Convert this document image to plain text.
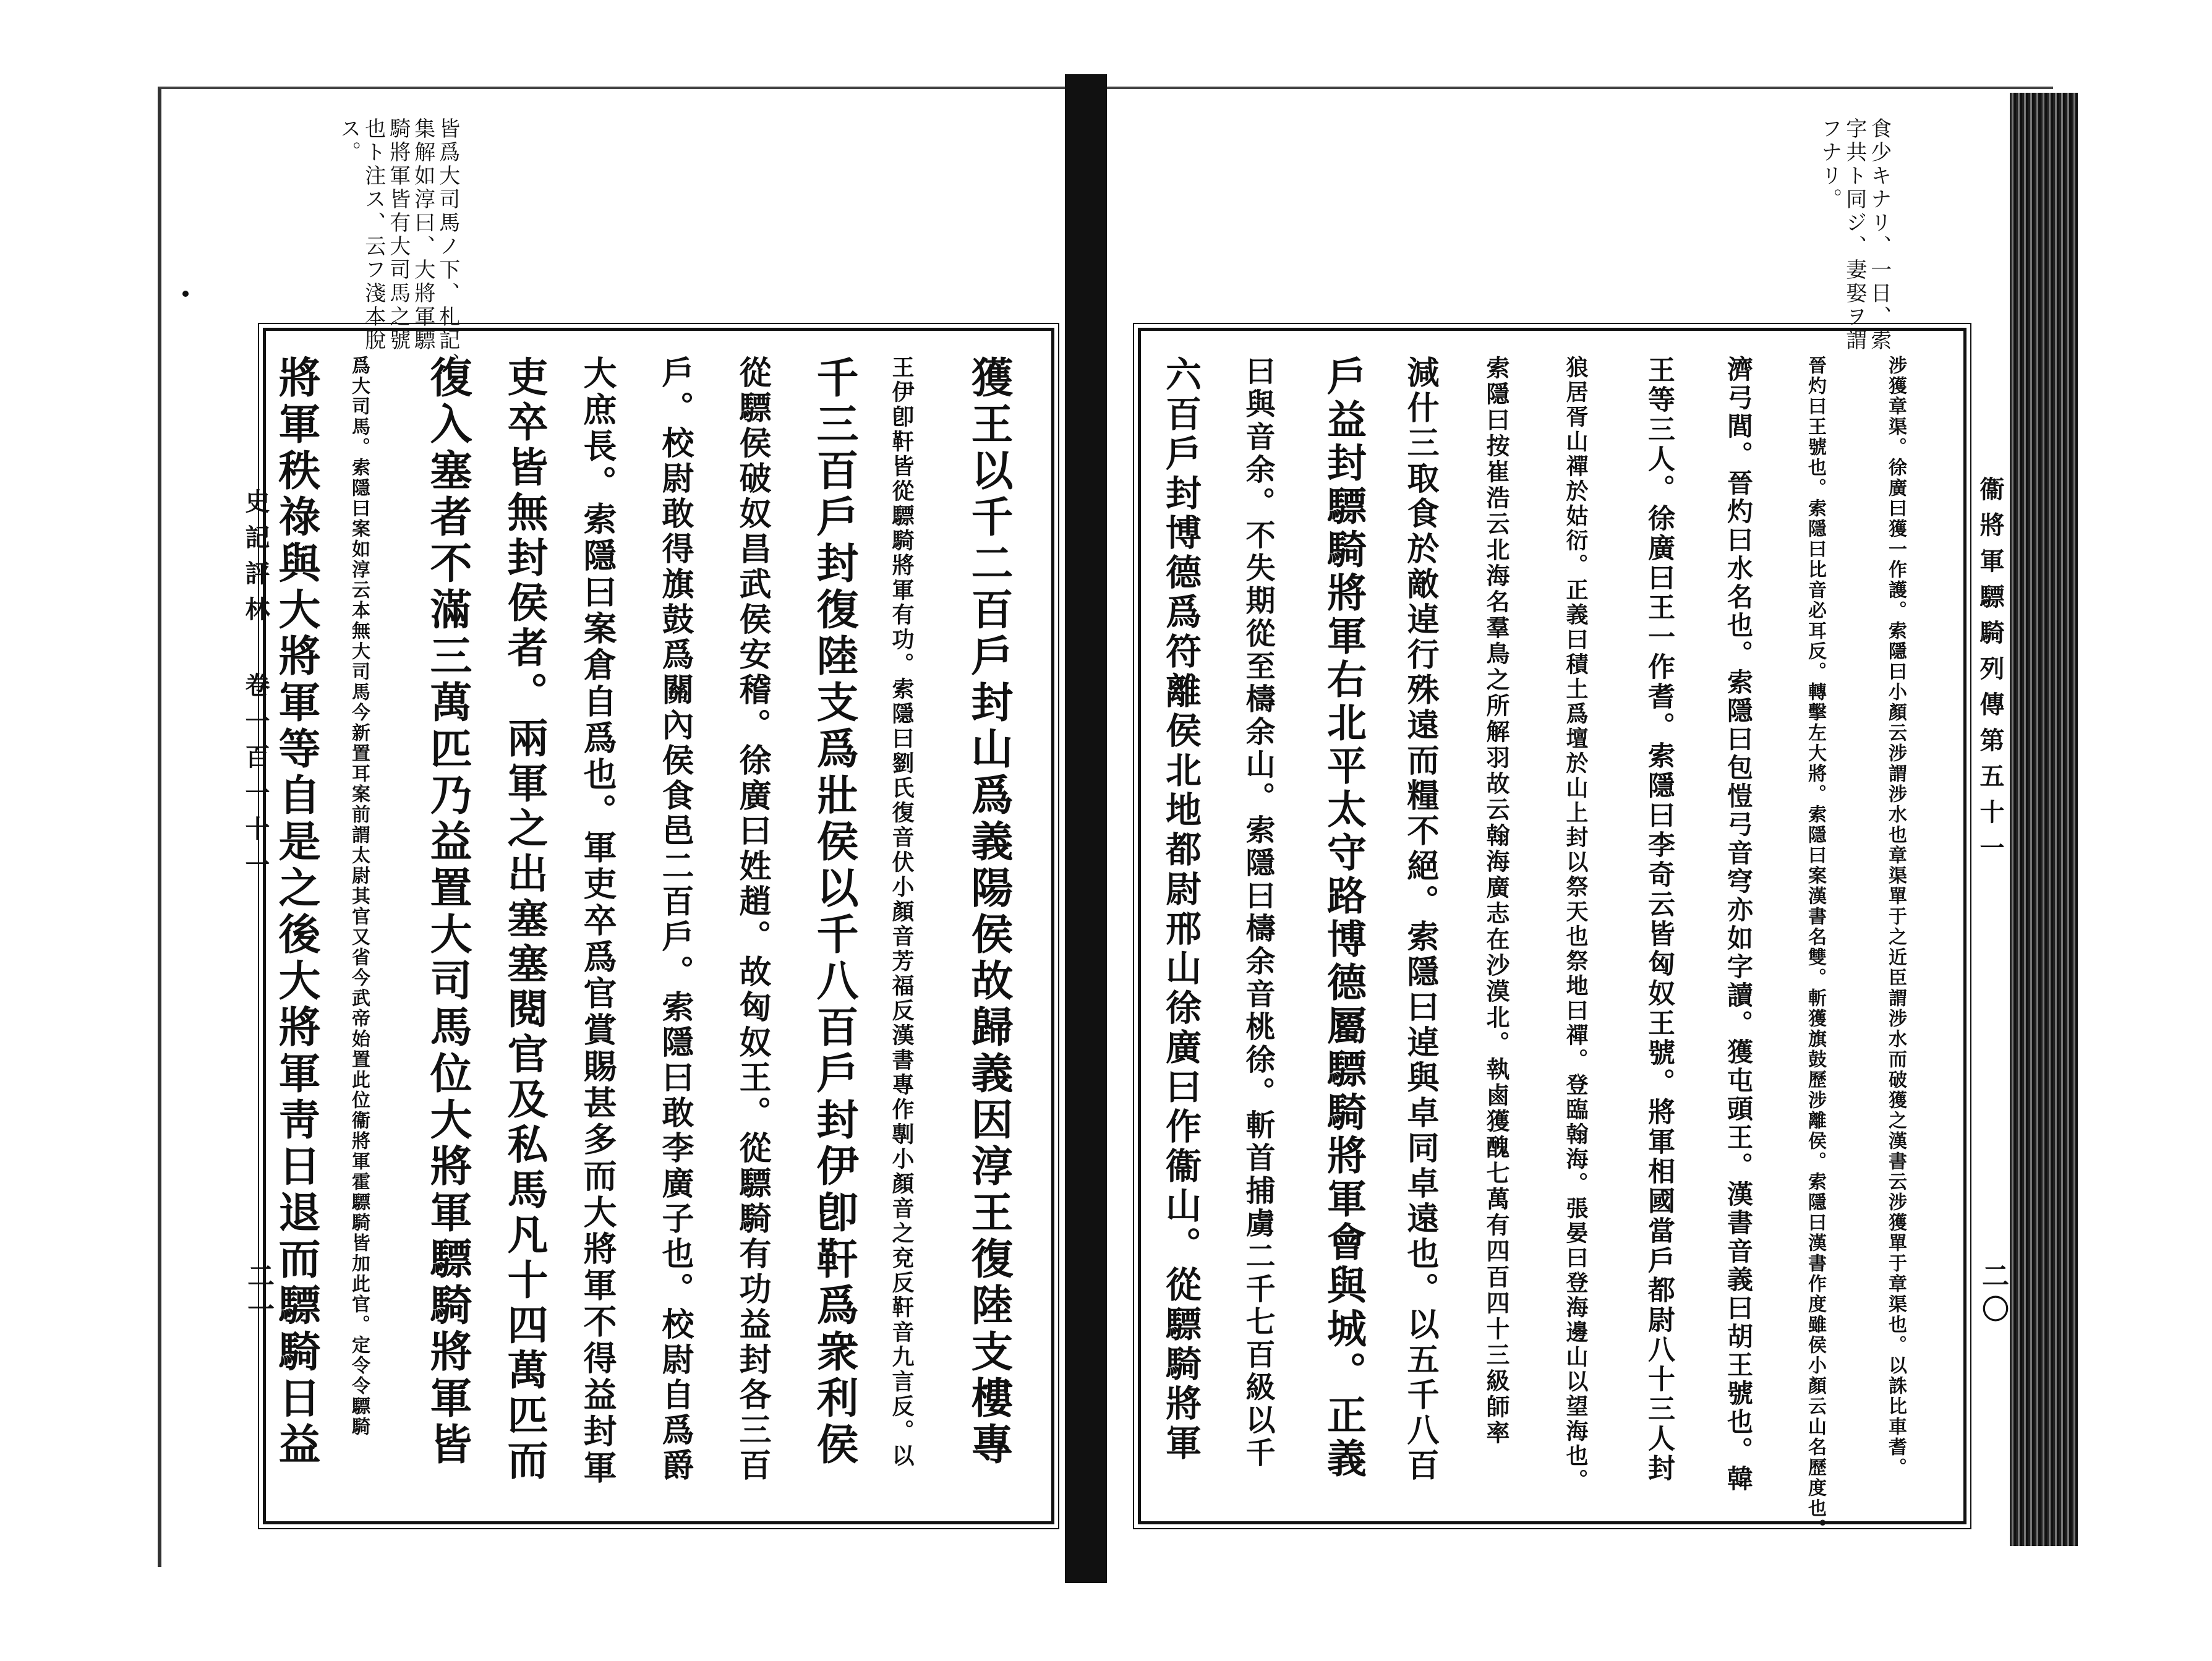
皆爲大司馬ノ下、札記、
集解如淳曰、大將軍驃
騎將軍皆有大司馬之號
也ト注ス、云フ淺本脫
ス。
獲王以千二百戶封山爲義陽侯故歸義因淳王復陸支樓專
王伊卽靬皆從驃騎將軍有功。索隱曰劉氏復音伏小顏音芳福反漢書專作剸小顏音之兗反靬音九言反。以
千三百戶封復陸支爲壯侯以千八百戶封伊卽靬爲衆利侯
從驃侯破奴昌武侯安稽。徐廣曰姓趙。故匈奴王。從驃騎有功益封各三百
戶。校尉敢得旗鼓爲關內侯食邑二百戶。索隱曰敢李廣子也。校尉自爲爵
大庶長。索隱曰案倉自爲也。軍吏卒爲官賞賜甚多而大將軍不得益封軍
吏卒皆無封侯者。兩軍之出塞塞閱官及私馬凡十四萬匹而
復入塞者不滿三萬匹乃益置大司馬位大將軍驃騎將軍皆
爲大司馬。索隱曰案如淳云本無大司馬今新置耳案前謂太尉其官又省今武帝始置此位衞將軍霍驃騎皆加此官。定令令驃騎
將軍秩祿與大將軍等自是之後大將軍靑日退而驃騎日益
史記評林 卷一百一十一
二一
食少キナリ、一日、索
字共ト同ジ、妻娶ヲ謂
フナリ。
衞將軍驃騎列傳第五十一
二〇
涉獲章渠。徐廣曰獲一作護。索隱曰小顏云涉謂涉水也章渠單于之近臣謂涉水而破獲之漢書云涉獲單于章渠也。以誅比車耆。
晉灼曰王號也。索隱曰比音必耳反。轉擊左大將。索隱曰案漢書名雙。斬獲旗鼓歷涉離侯。索隱曰漢書作度雖侯小顏云山名歷度也。
濟弓閭。晉灼曰水名也。索隱曰包愷弓音穹亦如字讀。獲屯頭王。漢書音義曰胡王號也。韓
王等三人。徐廣曰王一作耆。索隱曰李奇云皆匈奴王號。將軍相國當戶都尉八十三人封
狼居胥山禪於姑衍。正義曰積土爲壇於山上封以祭天也祭地曰禪。登臨翰海。張晏曰登海邊山以望海也。
索隱曰按崔浩云北海名羣鳥之所解羽故云翰海廣志在沙漠北。執鹵獲醜七萬有四百四十三級師率
減什三取食於敵逴行殊遠而糧不絕。索隱曰逴與卓同卓遠也。以五千八百
戶益封驃騎將軍右北平太守路博德屬驃騎將軍會與城。正義
曰與音余。不失期從至檮余山。索隱曰檮余音桃徐。斬首捕虜二千七百級以千
六百戶封博德爲符離侯北地都尉邢山徐廣曰作衞山。從驃騎將軍
